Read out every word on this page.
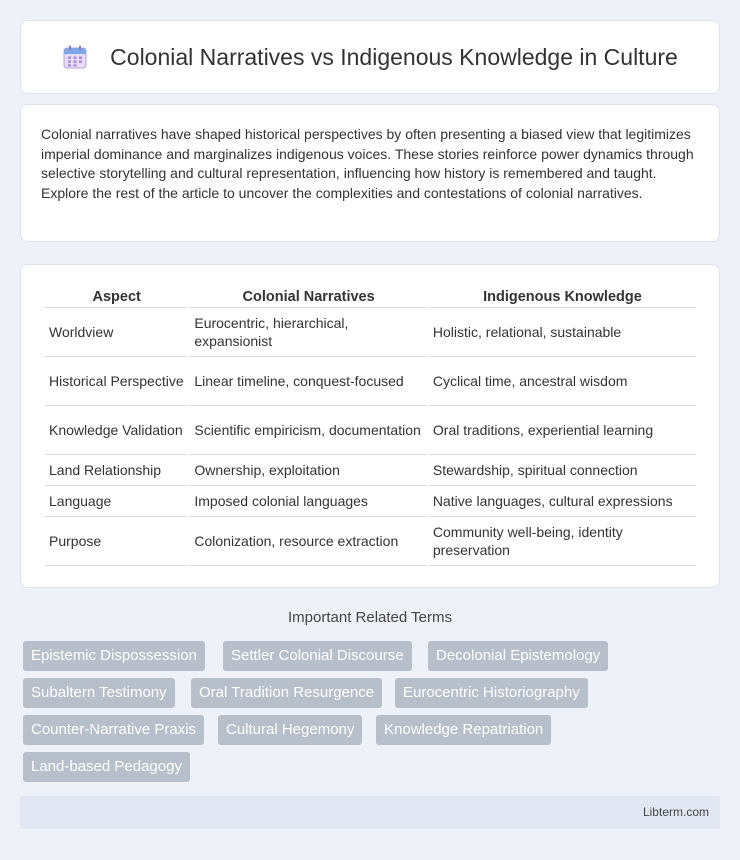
Colonial Narratives vs Indigenous Knowledge in Culture

Colonial narratives have shaped historical perspectives by often presenting a biased view that legitimizes imperial dominance and marginalizes indigenous voices. These stories reinforce power dynamics through selective storytelling and cultural representation, influencing how history is remembered and taught. Explore the rest of the article to uncover the complexities and contestations of colonial narratives.

Aspect	Colonial Narratives	Indigenous Knowledge
Worldview	Eurocentric, hierarchical, expansionist	Holistic, relational, sustainable
Historical Perspective	Linear timeline, conquest-focused	Cyclical time, ancestral wisdom
Knowledge Validation	Scientific empiricism, documentation	Oral traditions, experiential learning
Land Relationship	Ownership, exploitation	Stewardship, spiritual connection
Language	Imposed colonial languages	Native languages, cultural expressions
Purpose	Colonization, resource extraction	Community well-being, identity preservation
Important Related Terms
Epistemic Dispossession	Settler Colonial Discourse	Decolonial Epistemology
Subaltern Testimony	Oral Tradition Resurgence	Eurocentric Historiography
Counter-Narrative Praxis	Cultural Hegemony	Knowledge Repatriation
Land-based Pedagogy
Libterm.com
